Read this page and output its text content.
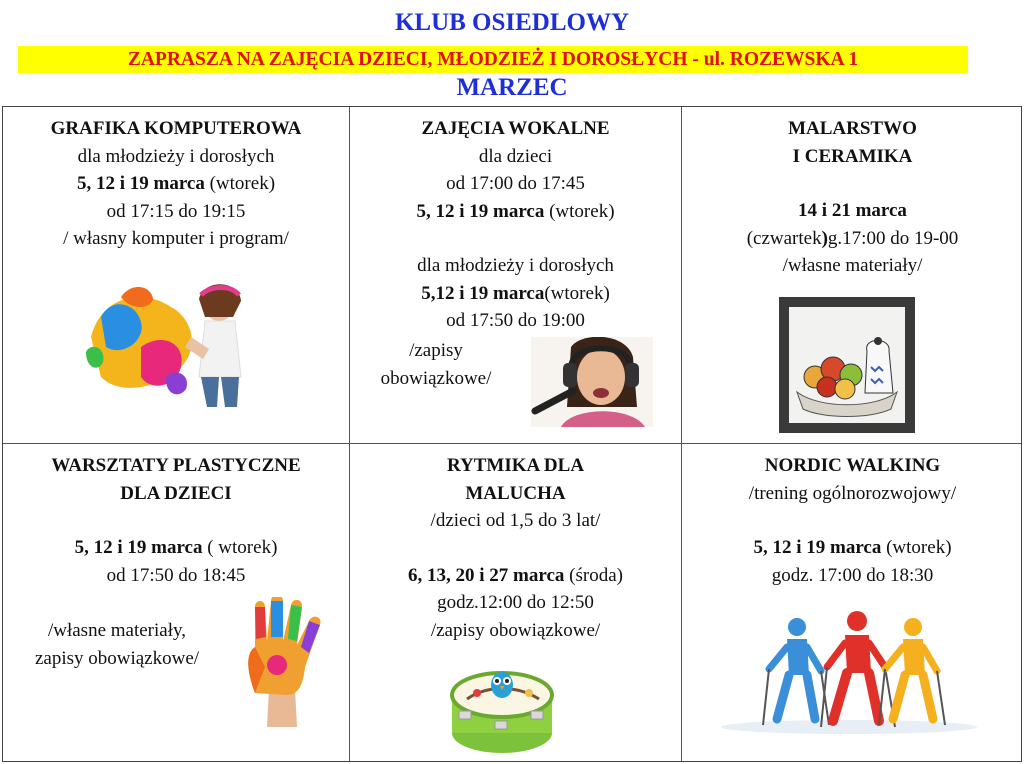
KLUB OSIEDLOWY
ZAPRASZA NA ZAJĘCIA DZIECI, MŁODZIEŻ I DOROSŁYCH - ul. ROZEWSKA 1
MARZEC
GRAFIKA KOMPUTEROWA
dla młodzieży i dorosłych
5, 12 i 19 marca (wtorek)
od 17:15 do 19:15
/ własny komputer i program/
ZAJĘCIA WOKALNE
dla dzieci
od 17:00 do 17:45
5, 12 i 19 marca (wtorek)
dla młodzieży i dorosłych
5,12 i 19 marca(wtorek)
od 17:50 do 19:00
/zapisy
obowiązkowe/
MALARSTWO
I CERAMIKA
14 i 21 marca
(czwartek)g.17:00 do 19-00
/własne materiały/
WARSZTATY PLASTYCZNE
DLA DZIECI
5, 12 i 19 marca ( wtorek)
od 17:50 do 18:45
/własne materiały,
zapisy obowiązkowe/
RYTMIKA DLA
MALUCHA
/dzieci od 1,5 do 3 lat/
6, 13, 20 i 27 marca (środa)
godz.12:00 do 12:50
/zapisy obowiązkowe/
NORDIC WALKING
/trening ogólnorozwojowy/
5, 12 i 19 marca (wtorek)
godz. 17:00 do 18:30
